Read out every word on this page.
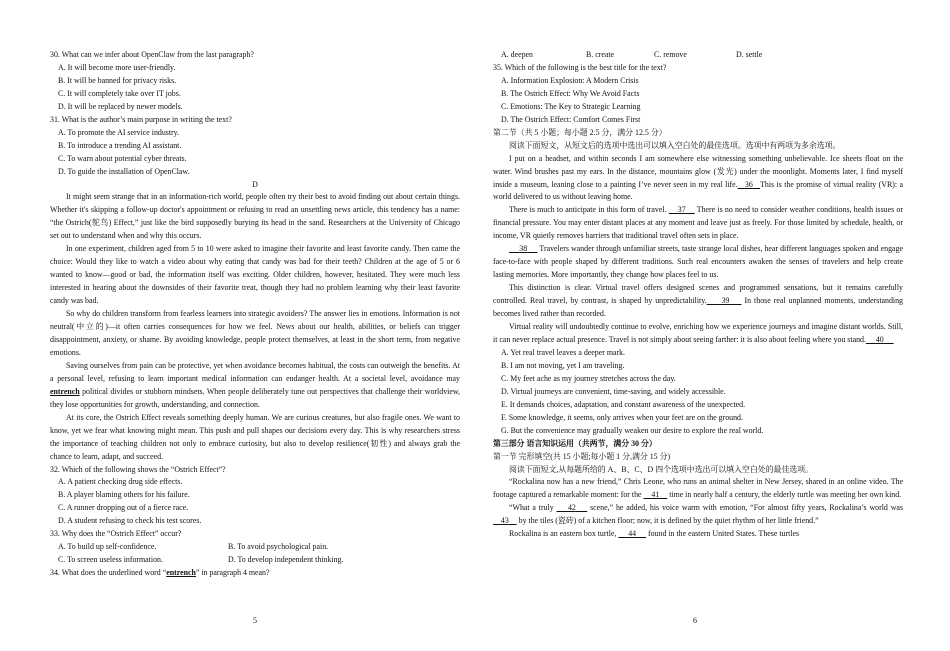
30. What can we infer about OpenClaw from the last paragraph?

A. It will become more user-friendly.

B. It will be banned for privacy risks.

C. It will completely take over IT jobs.

D. It will be replaced by newer models.

31. What is the author’s main purpose in writing the text?

A. To promote the AI service industry.

B. To introduce a trending AI assistant.

C. To warn about potential cyber threats.

D. To guide the installation of OpenClaw.

D

It might seem strange that in an information-rich world, people often try their best to avoid finding out about certain things. Whether it's skipping a follow-up doctor's appointment or refusing to read an unsettling news article, this tendency has a name: “the Ostrich(鸵鸟) Effect,” just like the bird supposedly burying its head in the sand. Researchers at the University of Chicago set out to understand when and why this occurs.

In one experiment, children aged from 5 to 10 were asked to imagine their favorite and least favorite candy. Then came the choice: Would they like to watch a video about why eating that candy was bad for their teeth? Children at the age of 5 or 6 wanted to know—good or bad, the information itself was exciting. Older children, however, hesitated. They were much less interested in hearing about the downsides of their favorite treat, though they had no problem learning why their least favorite candy was bad.

So why do children transform from fearless learners into strategic avoiders? The answer lies in emotions. Information is not neutral(中立的)—it often carries consequences for how we feel. News about our health, abilities, or beliefs can trigger disappointment, anxiety, or shame. By avoiding knowledge, people protect themselves, at least in the short term, from negative emotions.

Saving ourselves from pain can be protective, yet when avoidance becomes habitual, the costs can outweigh the benefits. At a personal level, refusing to learn important medical information can endanger health. At a societal level, avoidance may entrench political divides or stubborn mindsets. When people deliberately tune out perspectives that challenge their worldview, they lose opportunities for growth, understanding, and connection.

At its core, the Ostrich Effect reveals something deeply human. We are curious creatures, but also fragile ones. We want to know, yet we fear what knowing might mean. This push and pull shapes our decisions every day. This is why researchers stress the importance of teaching children not only to embrace curiosity, but also to develop resilience(韧性) and always grab the chance to learn, adapt, and succeed.

32. Which of the following shows the “Ostrich Effect”?

A. A patient checking drug side effects.

B. A player blaming others for his failure.

C. A runner dropping out of a fierce race.

D. A student refusing to check his test scores.

33. Why does the “Ostrich Effect” occur?

A. To build up self-confidence.	B. To avoid psychological pain.
C. To screen useless information.	D. To develop independent thinking.

34. What does the underlined word “entrench” in paragraph 4 mean?

5
A. deepen	B. create	C. remove	D. settle

35. Which of the following is the best title for the text?

A. Information Explosion: A Modern Crisis

B. The Ostrich Effect: Why We Avoid Facts

C. Emotions: The Key to Strategic Learning

D. The Ostrich Effect: Comfort Comes First

第二节（共 5 小题；每小题 2.5 分，满分 12.5 分）

阅读下面短文，从短文后的选项中选出可以填入空白处的最佳选项。选项中有两项为多余选项。

I put on a headset, and within seconds I am somewhere else witnessing something unbelievable. Ice sheets float on the water. Wind brushes past my ears. In the distance, mountains glow (发光) under the moonlight. Moments later, I find myself inside a museum, leaning close to a painting I’ve never seen in my real life. 36 This is the promise of virtual reality (VR): a world delivered to us without leaving home.

There is much to anticipate in this form of travel. 37 There is no need to consider weather conditions, health issues or financial pressure. You may enter distant places at any moment and leave just as freely. For those limited by schedule, health, or income, VR quietly removes barriers that traditional travel often sets in place.

38 Travelers wander through unfamiliar streets, taste strange local dishes, hear different languages spoken and engage face-to-face with people shaped by different traditions. Such real encounters awaken the senses of travelers and help create lasting memories. More importantly, they change how places feel to us.

This distinction is clear. Virtual travel offers designed scenes and programmed sensations, but it remains carefully controlled. Real travel, by contrast, is shaped by unpredictability. 39 In those real unplanned moments, understanding becomes lived rather than recorded.

Virtual reality will undoubtedly continue to evolve, enriching how we experience journeys and imagine distant worlds. Still, it can never replace actual presence. Travel is not simply about seeing farther: it is also about feeling where you stand. 40

A. Yet real travel leaves a deeper mark.

B. I am not moving, yet I am traveling.

C. My feet ache as my journey stretches across the day.

D. Virtual journeys are convenient, time-saving, and widely accessible.

E. It demands choices, adaptation, and constant awareness of the unexpected.

F. Some knowledge, it seems, only arrives when your feet are on the ground.

G. But the convenience may gradually weaken our desire to explore the real world.

第三部分 语言知识运用（共两节，满分 30 分）

第一节 完形填空(共 15 小题;每小题 1 分,满分 15 分)

阅读下面短文,从每题所给的 A、B、C、D 四个选项中选出可以填入空白处的最佳选项。

“Rockalina now has a new friend,” Chris Leone, who runs an animal shelter in New Jersey, shared in an online video. The footage captured a remarkable moment: for the 41 time in nearly half a century, the elderly turtle was meeting her own kind.

“What a truly 42 scene,” he added, his voice warm with emotion, “For almost fifty years, Rockalina’s world was     43 by the tiles (瓷砖) of a kitchen floor; now, it is defined by the quiet rhythm of her little friend.”

Rockalina is an eastern box turtle, 44 found in the eastern United States. These turtles

6
